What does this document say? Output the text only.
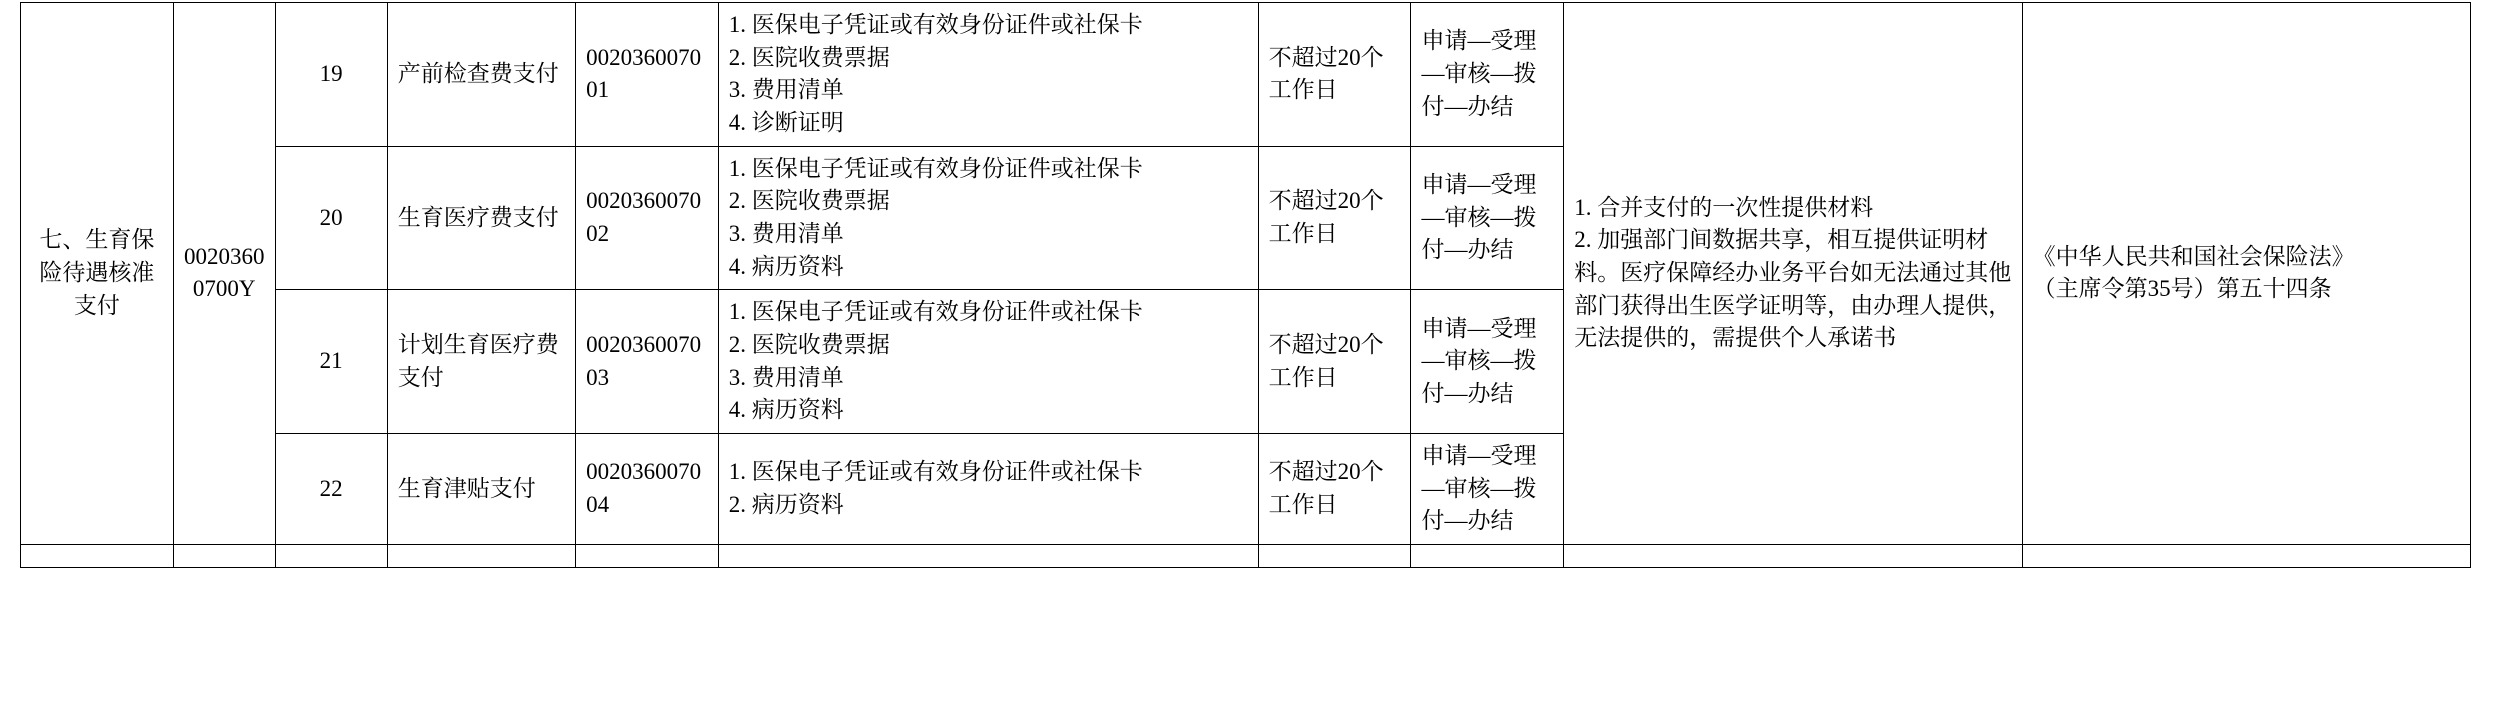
七、生育保险待遇核准支付	00203600700Y	19	产前检查费支付	002036007001	1. 医保电子凭证或有效身份证件或社保卡
2. 医院收费票据
3. 费用清单
4. 诊断证明	不超过20个工作日	申请—受理—审核—拨付—办结	1. 合并支付的一次性提供材料
2. 加强部门间数据共享，相互提供证明材料。医疗保障经办业务平台如无法通过其他部门获得出生医学证明等，由办理人提供，无法提供的，需提供个人承诺书	《中华人民共和国社会保险法》
（主席令第35号）第五十四条

		20	生育医疗费支付	002036007002	1. 医保电子凭证或有效身份证件或社保卡
2. 医院收费票据
3. 费用清单
4. 病历资料	不超过20个工作日	申请—受理—审核—拨付—办结		
		21	计划生育医疗费支付	002036007003	1. 医保电子凭证或有效身份证件或社保卡
2. 医院收费票据
3. 费用清单
4. 病历资料	不超过20个工作日	申请—受理—审核—拨付—办结		
		22	生育津贴支付	002036007004	1. 医保电子凭证或有效身份证件或社保卡
2. 病历资料	不超过20个工作日	申请—受理—审核—拨付—办结		
